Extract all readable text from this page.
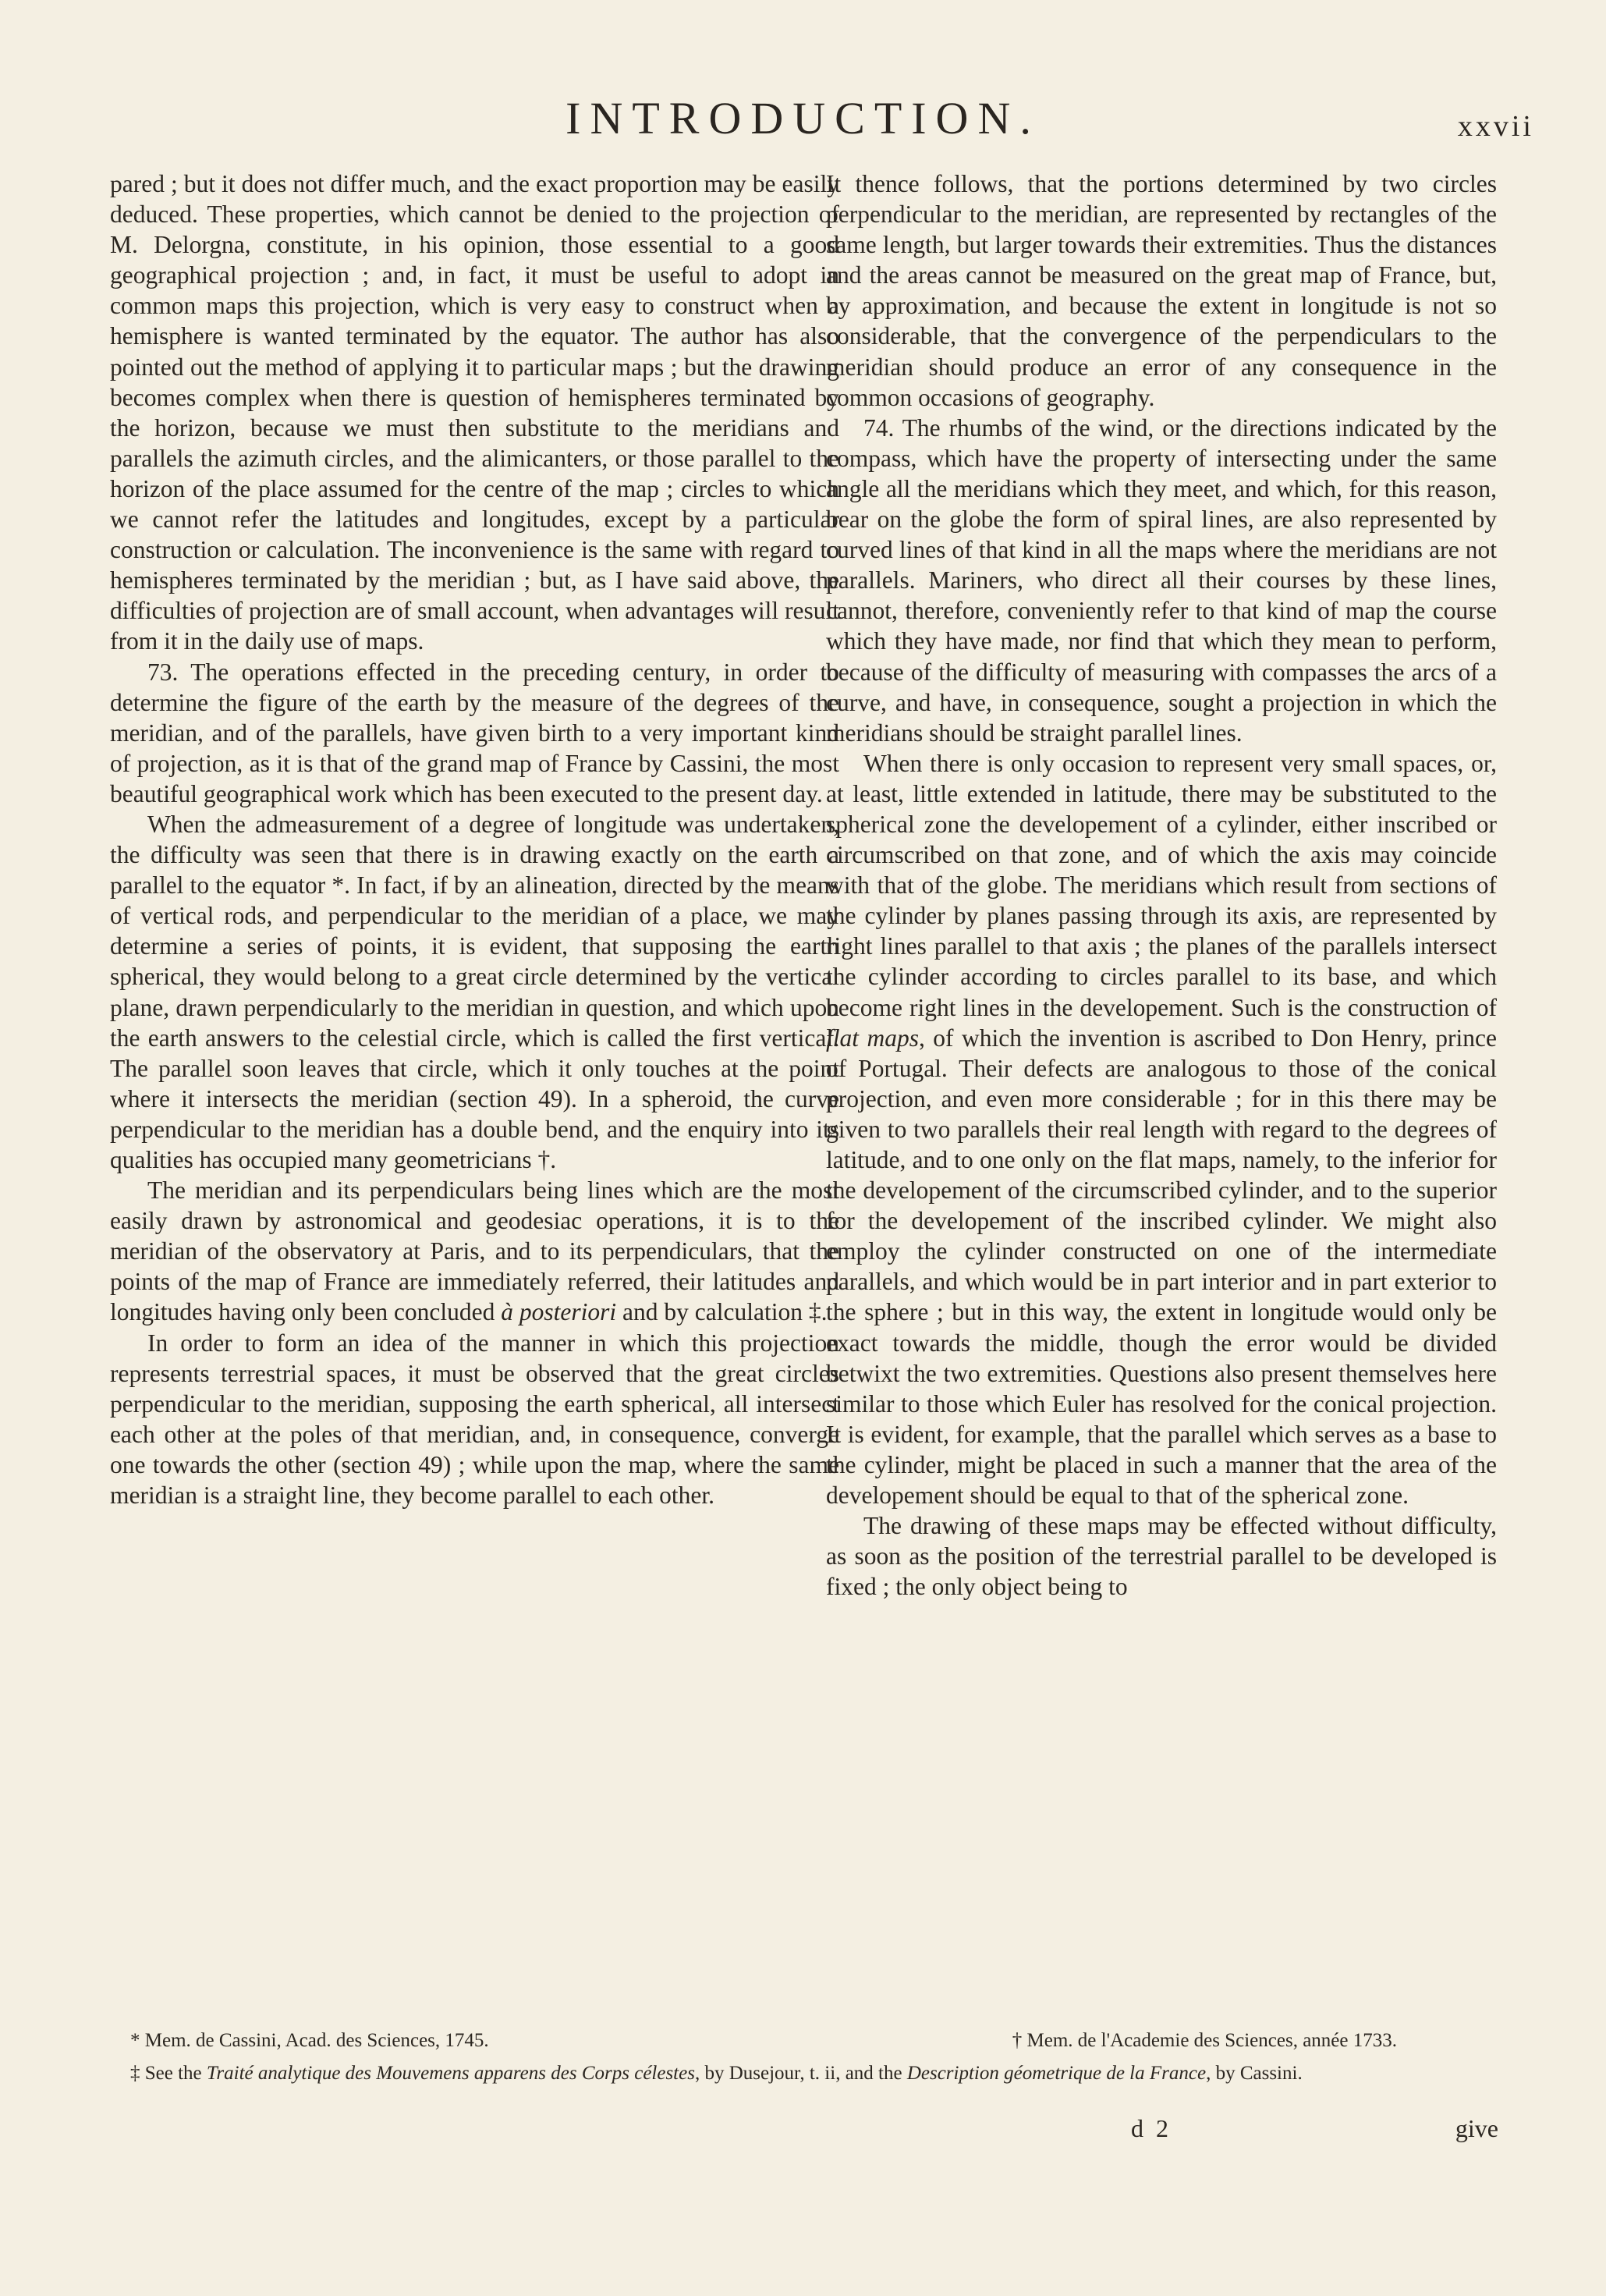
INTRODUCTION.	xxvii

pared ; but it does not differ much, and the exact proportion may be easily deduced. These properties, which cannot be denied to the projection of M. Delorgna, constitute, in his opinion, those essential to a good geographical projection ; and, in fact, it must be useful to adopt in common maps this projection, which is very easy to construct when a hemisphere is wanted terminated by the equator. The author has also pointed out the method of applying it to particular maps ; but the drawing becomes complex when there is question of hemispheres terminated by the horizon, because we must then substitute to the meridians and parallels the azimuth circles, and the alimicanters, or those parallel to the horizon of the place assumed for the centre of the map ; circles to which we cannot refer the latitudes and longitudes, except by a particular construction or calculation. The inconvenience is the same with regard to hemispheres terminated by the meridian ; but, as I have said above, the difficulties of projection are of small account, when advantages will result from it in the daily use of maps.

73. The operations effected in the preceding century, in order to determine the figure of the earth by the measure of the degrees of the meridian, and of the parallels, have given birth to a very important kind of projection, as it is that of the grand map of France by Cassini, the most beautiful geographical work which has been executed to the present day.

When the admeasurement of a degree of longitude was undertaken, the difficulty was seen that there is in drawing exactly on the earth a parallel to the equator *. In fact, if by an alineation, directed by the means of vertical rods, and perpendicular to the meridian of a place, we may determine a series of points, it is evident, that supposing the earth spherical, they would belong to a great circle determined by the vertical plane, drawn perpendicularly to the meridian in question, and which upon the earth answers to the celestial circle, which is called the first vertical. The parallel soon leaves that circle, which it only touches at the point where it intersects the meridian (section 49). In a spheroid, the curve perpendicular to the meridian has a double bend, and the enquiry into its qualities has occupied many geometricians †.

The meridian and its perpendiculars being lines which are the most easily drawn by astronomical and geodesiac operations, it is to the meridian of the observatory at Paris, and to its perpendiculars, that the points of the map of France are immediately referred, their latitudes and longitudes having only been concluded à posteriori and by calculation ‡.

In order to form an idea of the manner in which this projection represents terrestrial spaces, it must be observed that the great circles perpendicular to the meridian, supposing the earth spherical, all intersect each other at the poles of that meridian, and, in consequence, converge one towards the other (section 49) ; while upon the map, where the same meridian is a straight line, they become parallel to each other.

It thence follows, that the portions determined by two circles perpendicular to the meridian, are represented by rectangles of the same length, but larger towards their extremities. Thus the distances and the areas cannot be measured on the great map of France, but, by approximation, and because the extent in longitude is not so considerable, that the convergence of the perpendiculars to the meridian should produce an error of any consequence in the common occasions of geography.

74. The rhumbs of the wind, or the directions indicated by the compass, which have the property of intersecting under the same angle all the meridians which they meet, and which, for this reason, bear on the globe the form of spiral lines, are also represented by curved lines of that kind in all the maps where the meridians are not parallels. Mariners, who direct all their courses by these lines, cannot, therefore, conveniently refer to that kind of map the course which they have made, nor find that which they mean to perform, because of the difficulty of measuring with compasses the arcs of a curve, and have, in consequence, sought a projection in which the meridians should be straight parallel lines.

When there is only occasion to represent very small spaces, or, at least, little extended in latitude, there may be substituted to the spherical zone the developement of a cylinder, either inscribed or circumscribed on that zone, and of which the axis may coincide with that of the globe. The meridians which result from sections of the cylinder by planes passing through its axis, are represented by right lines parallel to that axis ; the planes of the parallels intersect the cylinder according to circles parallel to its base, and which become right lines in the developement. Such is the construction of flat maps, of which the invention is ascribed to Don Henry, prince of Portugal. Their defects are analogous to those of the conical projection, and even more considerable ; for in this there may be given to two parallels their real length with regard to the degrees of latitude, and to one only on the flat maps, namely, to the inferior for the developement of the circumscribed cylinder, and to the superior for the developement of the inscribed cylinder. We might also employ the cylinder constructed on one of the intermediate parallels, and which would be in part interior and in part exterior to the sphere ; but in this way, the extent in longitude would only be exact towards the middle, though the error would be divided betwixt the two extremities. Questions also present themselves here similar to those which Euler has resolved for the conical projection. It is evident, for example, that the parallel which serves as a base to the cylinder, might be placed in such a manner that the area of the developement should be equal to that of the spherical zone.

The drawing of these maps may be effected without difficulty, as soon as the position of the terrestrial parallel to be developed is fixed ; the only object being to

* Mem. de Cassini, Acad. des Sciences, 1745.	† Mem. de l'Academie des Sciences, année 1733.
‡ See the Traité analytique des Mouvemens apparens des Corps célestes, by Dusejour, t. ii, and the Description géometrique de la France, by Cassini.
d 2	give
